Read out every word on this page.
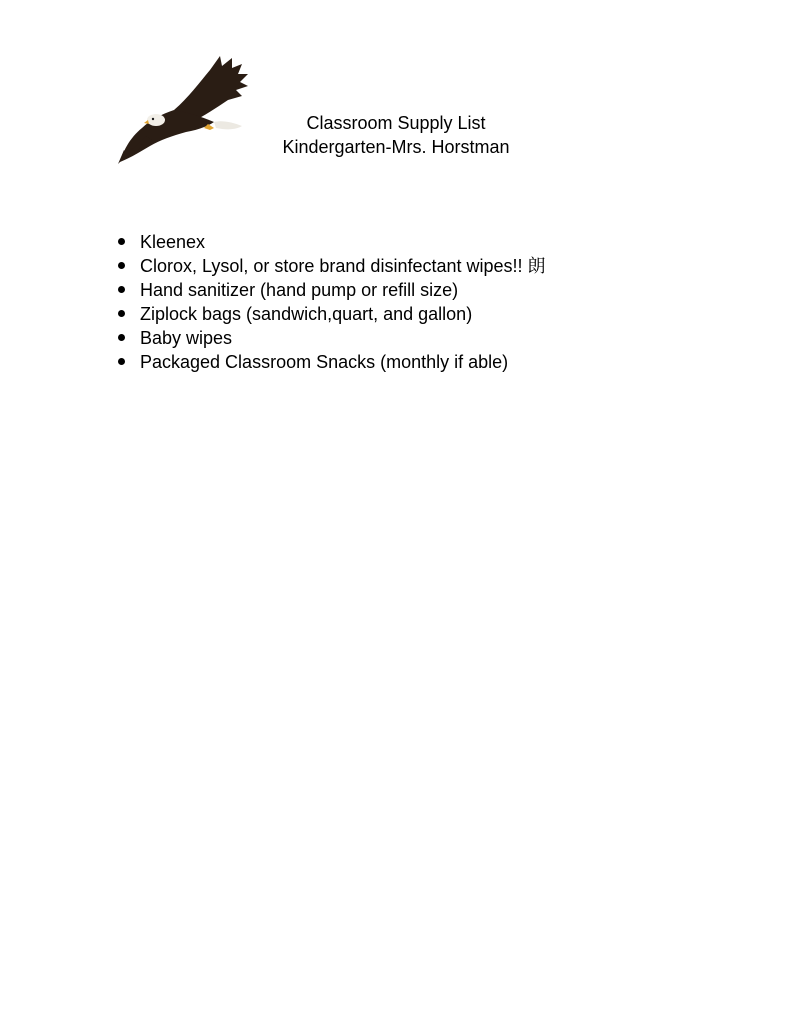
Classroom Supply List
Kindergarten-Mrs. Horstman
Kleenex
Clorox, Lysol, or store brand disinfectant wipes!! 朗
Hand sanitizer (hand pump or refill size)
Ziplock bags (sandwich,quart, and gallon)
Baby wipes
Packaged Classroom Snacks (monthly if able)
